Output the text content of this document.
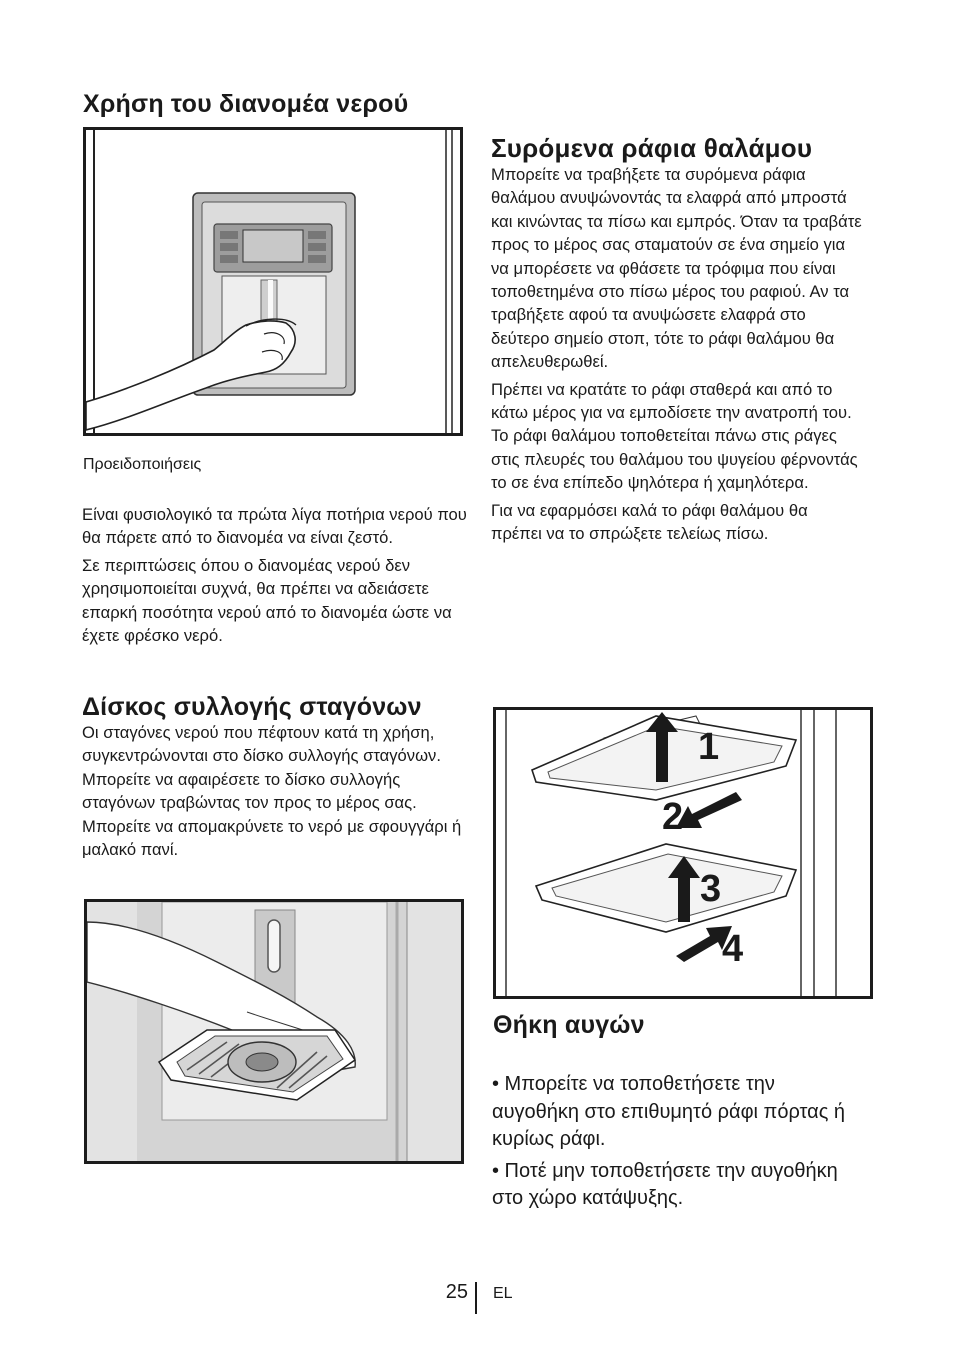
Χρήση του διανομέα νερού
Προειδοποιήσεις

Είναι φυσιολογικό τα πρώτα λίγα ποτήρια νερού που θα πάρετε από το διανομέα να είναι ζεστό.

Σε περιπτώσεις όπου ο διανομέας νερού δεν χρησιμοποιείται συχνά, θα πρέπει να αδειάσετε επαρκή ποσότητα νερού από το διανομέα ώστε να έχετε φρέσκο νερό.

Δίσκος συλλογής σταγόνων

Οι σταγόνες νερού που πέφτουν κατά τη χρήση, συγκεντρώνονται στο δίσκο συλλογής σταγόνων. Μπορείτε να αφαιρέσετε το δίσκο συλλογής σταγόνων τραβώντας τον προς το μέρος σας. Μπορείτε να απομακρύνετε το νερό με σφουγγάρι ή μαλακό πανί.

Συρόμενα ράφια θαλάμου

Μπορείτε να τραβήξετε τα συρόμενα ράφια θαλάμου ανυψώνοντάς τα ελαφρά από μπροστά και κινώντας τα πίσω και εμπρός. Όταν τα τραβάτε προς το μέρος σας σταματούν σε ένα σημείο για να μπορέσετε να φθάσετε τα τρόφιμα που είναι τοποθετημένα στο πίσω μέρος του ραφιού. Αν τα τραβήξετε αφού τα ανυψώσετε ελαφρά στο δεύτερο σημείο στοπ, τότε το ράφι θαλάμου θα απελευθερωθεί.

Πρέπει να κρατάτε το ράφι σταθερά και από το κάτω μέρος για να εμποδίσετε την ανατροπή του. Το ράφι θαλάμου τοποθετείται πάνω στις ράγες στις πλευρές του θαλάμου του ψυγείου φέρνοντάς το σε ένα επίπεδο ψηλότερα ή χαμηλότερα.

Για να εφαρμόσει καλά το ράφι θαλάμου θα πρέπει να το σπρώξετε τελείως πίσω.

1
2
3
4
Θήκη αυγών

• Μπορείτε να τοποθετήσετε την αυγοθήκη στο επιθυμητό ράφι πόρτας ή κυρίως ράφι.

• Ποτέ μην τοποθετήσετε την αυγοθήκη στο χώρο κατάψυξης.

25 EL
